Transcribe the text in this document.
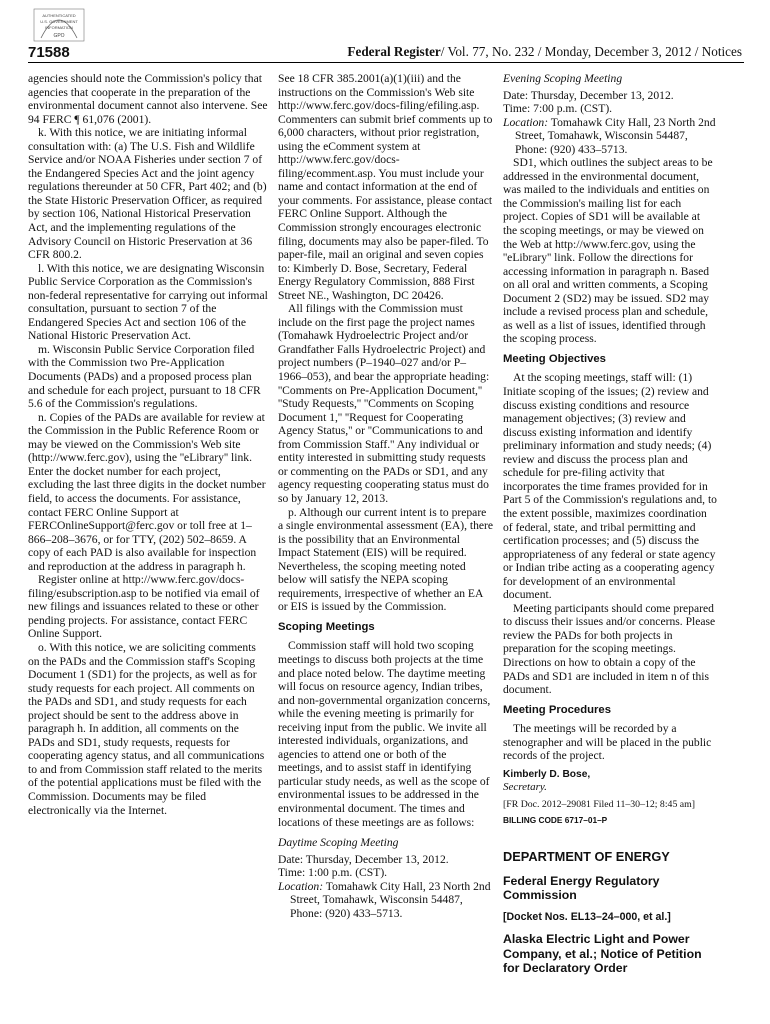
AUTHENTICATED
U.S. GOVERNMENT
INFORMATION
GPO
71588	Federal Register/ Vol. 77, No. 232 / Monday, December 3, 2012 / Notices

agencies should note the Commission's policy that agencies that cooperate in the preparation of the environmental document cannot also intervene. See 94 FERC ¶ 61,076 (2001).

k. With this notice, we are initiating informal consultation with: (a) The U.S. Fish and Wildlife Service and/or NOAA Fisheries under section 7 of the Endangered Species Act and the joint agency regulations thereunder at 50 CFR, Part 402; and (b) the State Historic Preservation Officer, as required by section 106, National Historical Preservation Act, and the implementing regulations of the Advisory Council on Historic Preservation at 36 CFR 800.2.

l. With this notice, we are designating Wisconsin Public Service Corporation as the Commission's non-federal representative for carrying out informal consultation, pursuant to section 7 of the Endangered Species Act and section 106 of the National Historic Preservation Act.

m. Wisconsin Public Service Corporation filed with the Commission two Pre-Application Documents (PADs) and a proposed process plan and schedule for each project, pursuant to 18 CFR 5.6 of the Commission's regulations.

n. Copies of the PADs are available for review at the Commission in the Public Reference Room or may be viewed on the Commission's Web site (http://www.ferc.gov), using the ''eLibrary'' link. Enter the docket number for each project, excluding the last three digits in the docket number field, to access the documents. For assistance, contact FERC Online Support at FERCOnlineSupport@ferc.gov or toll free at 1–866–208–3676, or for TTY, (202) 502–8659. A copy of each PAD is also available for inspection and reproduction at the address in paragraph h.

Register online at http://www.ferc.gov/docs-filing/esubscription.asp to be notified via email of new filings and issuances related to these or other pending projects. For assistance, contact FERC Online Support.

o. With this notice, we are soliciting comments on the PADs and the Commission staff's Scoping Document 1 (SD1) for the projects, as well as for study requests for each project. All comments on the PADs and SD1, and study requests for each project should be sent to the address above in paragraph h. In addition, all comments on the PADs and SD1, study requests, requests for cooperating agency status, and all communications to and from Commission staff related to the merits of the potential applications must be filed with the Commission. Documents may be filed electronically via the Internet.

See 18 CFR 385.2001(a)(1)(iii) and the instructions on the Commission's Web site http://www.ferc.gov/docs-filing/efiling.asp. Commenters can submit brief comments up to 6,000 characters, without prior registration, using the eComment system at http://www.ferc.gov/docs-filing/ecomment.asp. You must include your name and contact information at the end of your comments. For assistance, please contact FERC Online Support. Although the Commission strongly encourages electronic filing, documents may also be paper-filed. To paper-file, mail an original and seven copies to: Kimberly D. Bose, Secretary, Federal Energy Regulatory Commission, 888 First Street NE., Washington, DC 20426.

All filings with the Commission must include on the first page the project names (Tomahawk Hydroelectric Project and/or Grandfather Falls Hydroelectric Project) and project numbers (P–1940–027 and/or P–1966–053), and bear the appropriate heading: ''Comments on Pre-Application Document,'' ''Study Requests,'' ''Comments on Scoping Document 1,'' ''Request for Cooperating Agency Status,'' or ''Communications to and from Commission Staff.'' Any individual or entity interested in submitting study requests or commenting on the PADs or SD1, and any agency requesting cooperating status must do so by January 12, 2013.

p. Although our current intent is to prepare a single environmental assessment (EA), there is the possibility that an Environmental Impact Statement (EIS) will be required. Nevertheless, the scoping meeting noted below will satisfy the NEPA scoping requirements, irrespective of whether an EA or EIS is issued by the Commission.

Scoping Meetings

Commission staff will hold two scoping meetings to discuss both projects at the time and place noted below. The daytime meeting will focus on resource agency, Indian tribes, and non-governmental organization concerns, while the evening meeting is primarily for receiving input from the public. We invite all interested individuals, organizations, and agencies to attend one or both of the meetings, and to assist staff in identifying particular study needs, as well as the scope of environmental issues to be addressed in the environmental document. The times and locations of these meetings are as follows:

Daytime Scoping Meeting

Date: Thursday, December 13, 2012.

Time: 1:00 p.m. (CST).

Location: Tomahawk City Hall, 23 North 2nd Street, Tomahawk, Wisconsin 54487, Phone: (920) 433–5713.

Evening Scoping Meeting

Date: Thursday, December 13, 2012.

Time: 7:00 p.m. (CST).

Location: Tomahawk City Hall, 23 North 2nd Street, Tomahawk, Wisconsin 54487, Phone: (920) 433–5713.

SD1, which outlines the subject areas to be addressed in the environmental document, was mailed to the individuals and entities on the Commission's mailing list for each project. Copies of SD1 will be available at the scoping meetings, or may be viewed on the Web at http://www.ferc.gov, using the ''eLibrary'' link. Follow the directions for accessing information in paragraph n. Based on all oral and written comments, a Scoping Document 2 (SD2) may be issued. SD2 may include a revised process plan and schedule, as well as a list of issues, identified through the scoping process.

Meeting Objectives

At the scoping meetings, staff will: (1) Initiate scoping of the issues; (2) review and discuss existing conditions and resource management objectives; (3) review and discuss existing information and identify preliminary information and study needs; (4) review and discuss the process plan and schedule for pre-filing activity that incorporates the time frames provided for in Part 5 of the Commission's regulations and, to the extent possible, maximizes coordination of federal, state, and tribal permitting and certification processes; and (5) discuss the appropriateness of any federal or state agency or Indian tribe acting as a cooperating agency for development of an environmental document.

Meeting participants should come prepared to discuss their issues and/or concerns. Please review the PADs for both projects in preparation for the scoping meetings. Directions on how to obtain a copy of the PADs and SD1 are included in item n of this document.

Meeting Procedures

The meetings will be recorded by a stenographer and will be placed in the public records of the project.

Kimberly D. Bose,

Secretary.

[FR Doc. 2012–29081 Filed 11–30–12; 8:45 am]

BILLING CODE 6717–01–P

DEPARTMENT OF ENERGY

Federal Energy Regulatory Commission

[Docket Nos. EL13–24–000, et al.]

Alaska Electric Light and Power Company, et al.; Notice of Petition for Declaratory Order
